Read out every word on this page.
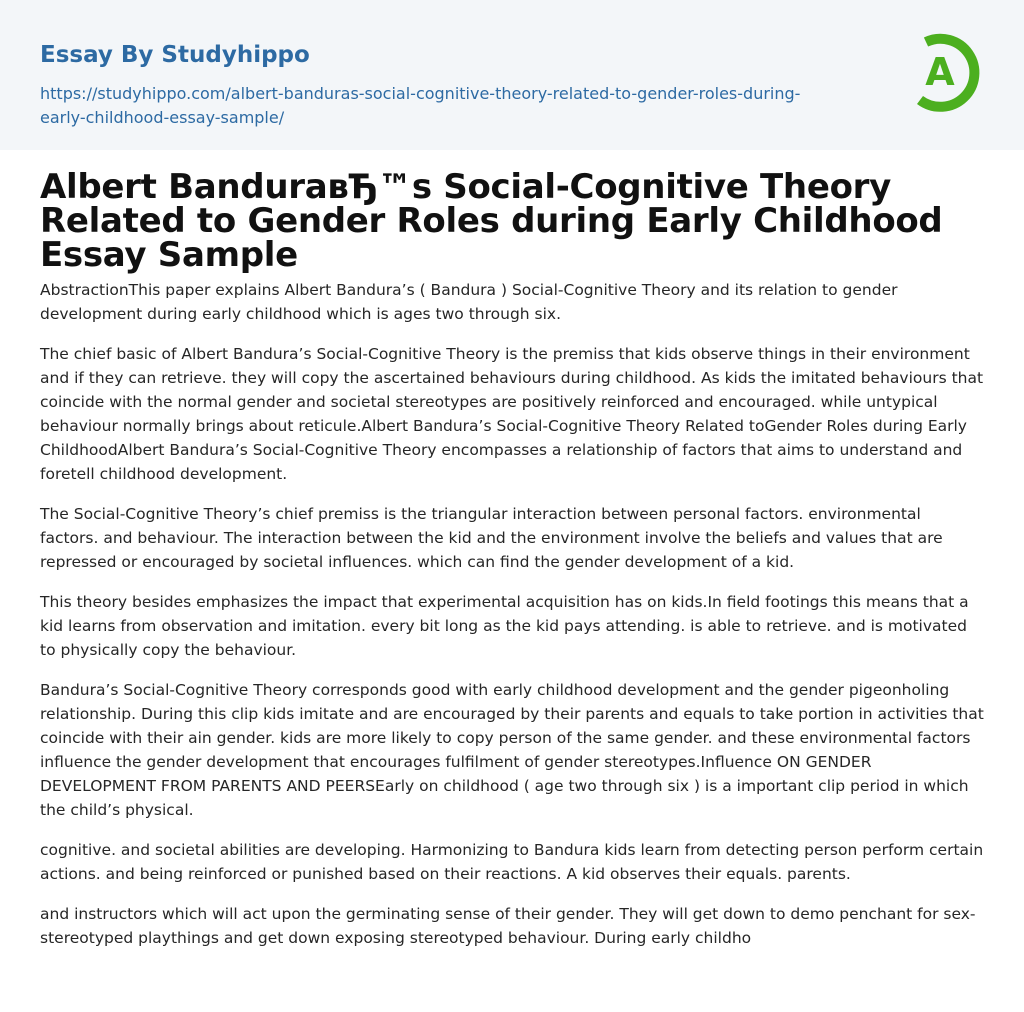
Essay By Studyhippo
https://studyhippo.com/albert-banduras-social-cognitive-theory-related-to-gender-roles-during-early-childhood-essay-sample/
A
Albert BanduraвЂ™s Social-Cognitive Theory Related to Gender Roles during Early Childhood Essay Sample

AbstractionThis paper explains Albert Bandura’s ( Bandura ) Social-Cognitive Theory and its relation to gender development during early childhood which is ages two through six.

The chief basic of Albert Bandura’s Social-Cognitive Theory is the premiss that kids observe things in their environment and if they can retrieve. they will copy the ascertained behaviours during childhood. As kids the imitated behaviours that coincide with the normal gender and societal stereotypes are positively reinforced and encouraged. while untypical behaviour normally brings about reticule.Albert Bandura’s Social-Cognitive Theory Related toGender Roles during Early ChildhoodAlbert Bandura’s Social-Cognitive Theory encompasses a relationship of factors that aims to understand and foretell childhood development.

The Social-Cognitive Theory’s chief premiss is the triangular interaction between personal factors. environmental factors. and behaviour. The interaction between the kid and the environment involve the beliefs and values that are repressed or encouraged by societal influences. which can find the gender development of a kid.

This theory besides emphasizes the impact that experimental acquisition has on kids.In field footings this means that a kid learns from observation and imitation. every bit long as the kid pays attending. is able to retrieve. and is motivated to physically copy the behaviour.

Bandura’s Social-Cognitive Theory corresponds good with early childhood development and the gender pigeonholing relationship. During this clip kids imitate and are encouraged by their parents and equals to take portion in activities that coincide with their ain gender. kids are more likely to copy person of the same gender. and these environmental factors influence the gender development that encourages fulfilment of gender stereotypes.Influence ON GENDER DEVELOPMENT FROM PARENTS AND PEERSEarly on childhood ( age two through six ) is a important clip period in which the child’s physical.

cognitive. and societal abilities are developing. Harmonizing to Bandura kids learn from detecting person perform certain actions. and being reinforced or punished based on their reactions. A kid observes their equals. parents.

and instructors which will act upon the germinating sense of their gender. They will get down to demo penchant for sex-stereotyped playthings and get down exposing stereotyped behaviour. During early childho
